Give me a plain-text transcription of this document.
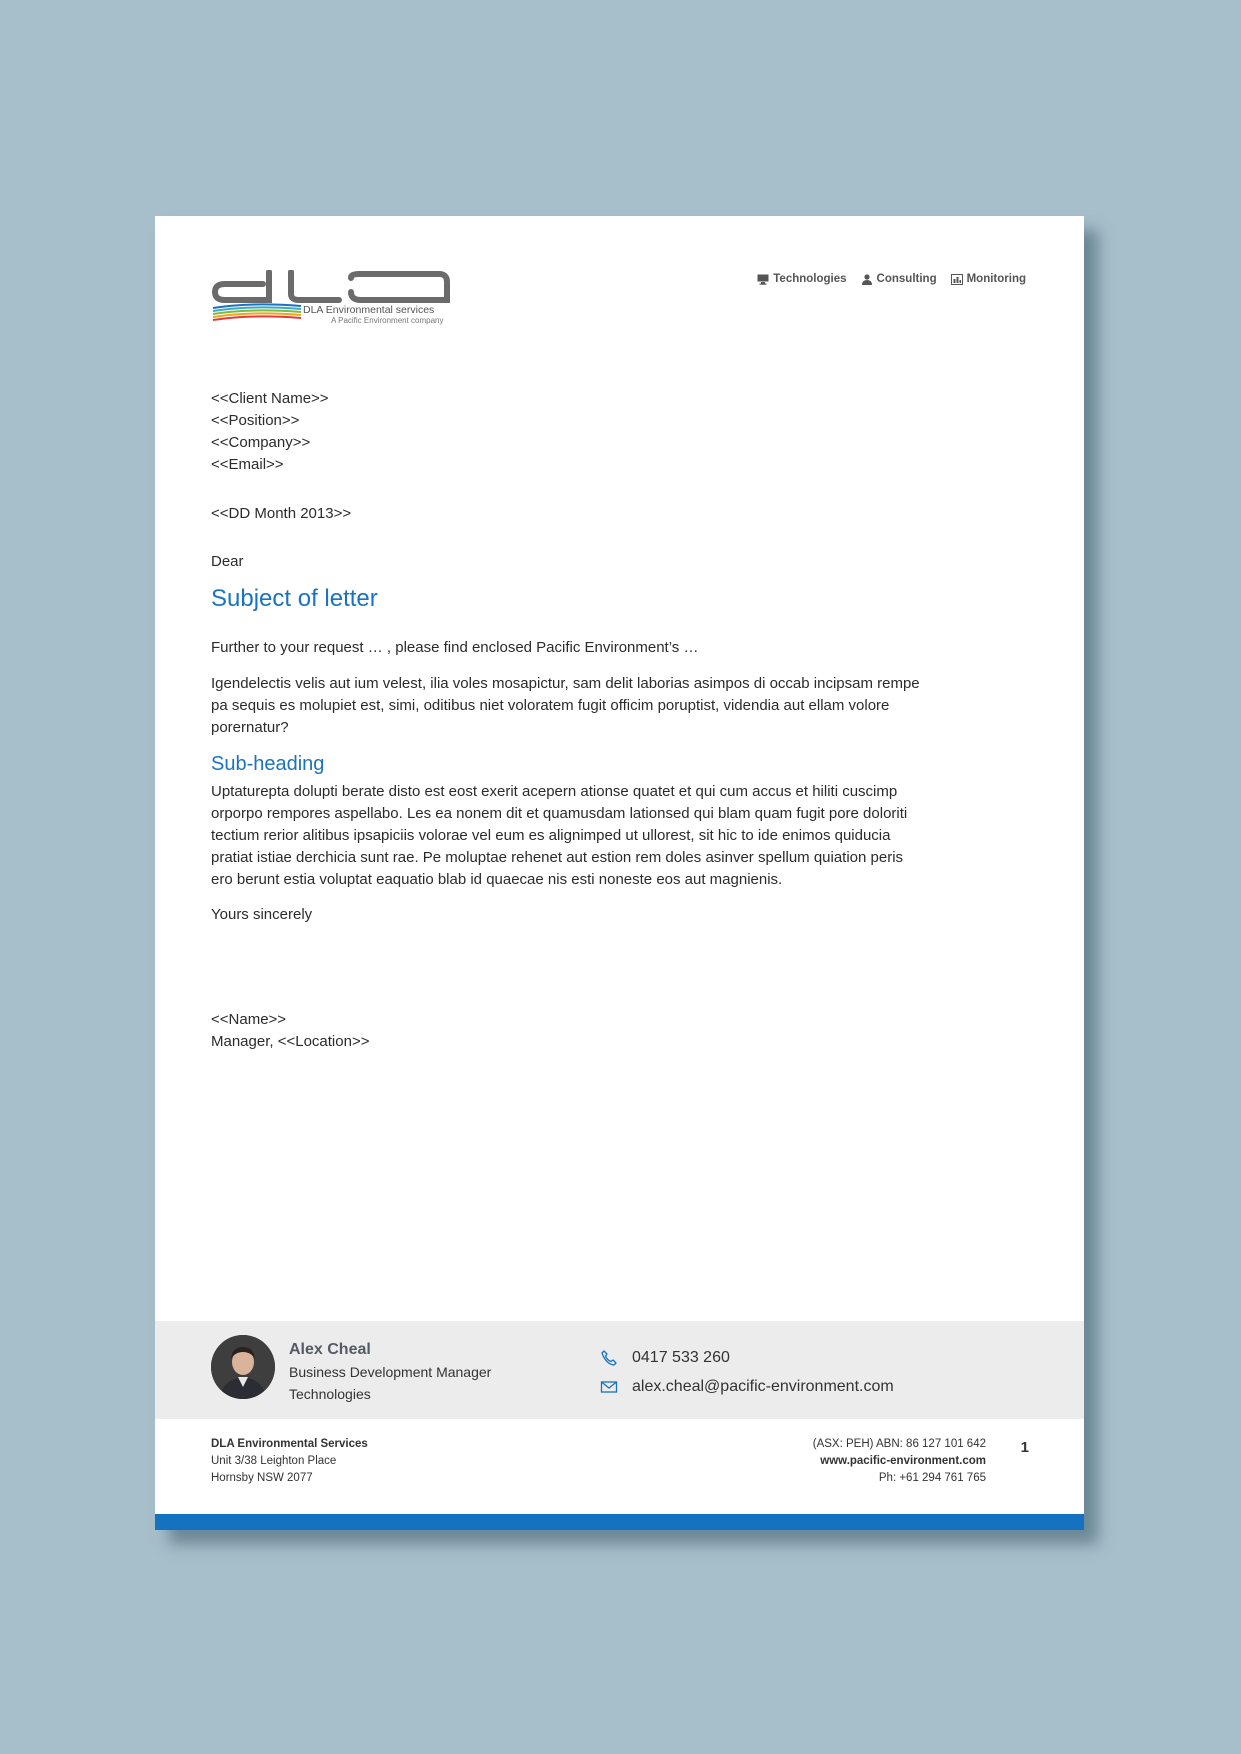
DLA Environmental services
A Pacific Environment company
Technologies	Consulting	Monitoring
<<Client Name>>
<<Position>>
<<Company>>
<<Email>>
<<DD Month 2013>>
Dear
Subject of letter
Further to your request … , please find enclosed Pacific Environment’s …
Igendelectis velis aut ium velest, ilia voles mosapictur, sam delit laborias asimpos di occab incipsam rempe pa sequis es molupiet est, simi, oditibus niet voloratem fugit officim poruptist, videndia aut ellam volore porernatur?
Sub-heading
Uptaturepta dolupti berate disto est eost exerit acepern ationse quatet et qui cum accus et hiliti cuscimp orporpo rempores aspellabo. Les ea nonem dit et quamusdam lationsed qui blam quam fugit pore doloriti tectium rerior alitibus ipsapiciis volorae vel eum es alignimped ut ullorest, sit hic to ide enimos quiducia pratiat istiae derchicia sunt rae. Pe moluptae rehenet aut estion rem doles asinver spellum quiation peris ero berunt estia voluptat eaquatio blab id quaecae nis esti noneste eos aut magnienis.
Yours sincerely
<<Name>>
Manager, <<Location>>
Alex Cheal
Business Development Manager
Technologies
0417 533 260
alex.cheal@pacific-environment.com
DLA Environmental Services
Unit 3/38 Leighton Place
Hornsby NSW 2077
(ASX: PEH) ABN: 86 127 101 642
www.pacific-environment.com
Ph: +61 294 761 765
1
